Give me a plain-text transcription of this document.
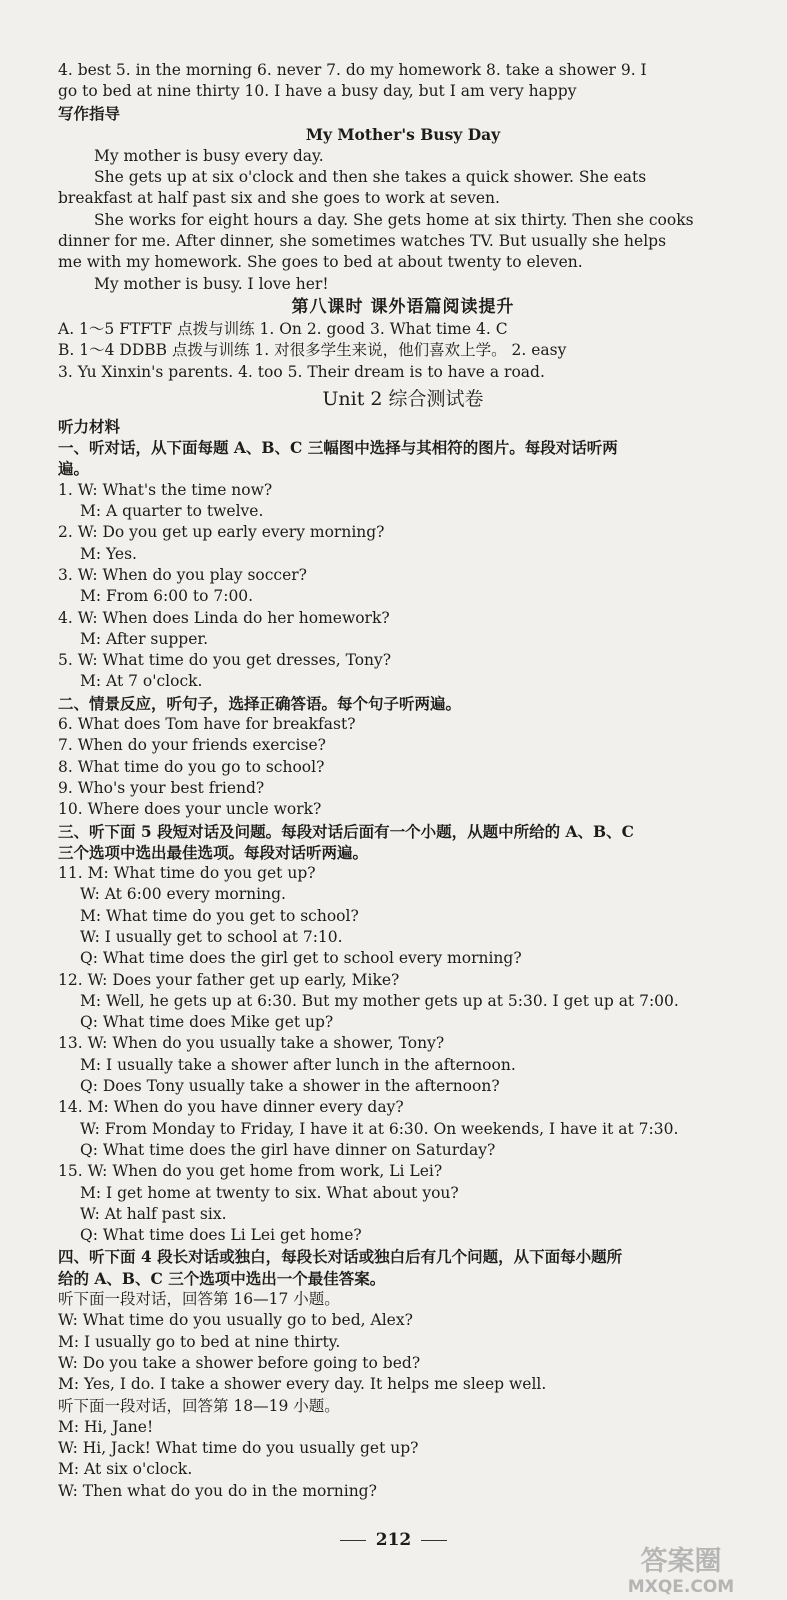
4. best 5. in the morning 6. never 7. do my homework 8. take a shower 9. I
go to bed at nine thirty 10. I have a busy day, but I am very happy
写作指导
My Mother's Busy Day
My mother is busy every day.
She gets up at six o'clock and then she takes a quick shower. She eats
breakfast at half past six and she goes to work at seven.
She works for eight hours a day. She gets home at six thirty. Then she cooks
dinner for me. After dinner, she sometimes watches TV. But usually she helps
me with my homework. She goes to bed at about twenty to eleven.
My mother is busy. I love her!
第八课时 课外语篇阅读提升
A. 1～5 FTFTF 点拨与训练 1. On 2. good 3. What time 4. C
B. 1～4 DDBB 点拨与训练 1. 对很多学生来说，他们喜欢上学。 2. easy
3. Yu Xinxin's parents. 4. too 5. Their dream is to have a road.
Unit 2 综合测试卷
听力材料
一、听对话，从下面每题 A、B、C 三幅图中选择与其相符的图片。每段对话听两
遍。
1. W: What's the time now?
M: A quarter to twelve.
2. W: Do you get up early every morning?
M: Yes.
3. W: When do you play soccer?
M: From 6:00 to 7:00.
4. W: When does Linda do her homework?
M: After supper.
5. W: What time do you get dresses, Tony?
M: At 7 o'clock.
二、情景反应，听句子，选择正确答语。每个句子听两遍。
6. What does Tom have for breakfast?
7. When do your friends exercise?
8. What time do you go to school?
9. Who's your best friend?
10. Where does your uncle work?
三、听下面 5 段短对话及问题。每段对话后面有一个小题，从题中所给的 A、B、C
三个选项中选出最佳选项。每段对话听两遍。
11. M: What time do you get up?
W: At 6:00 every morning.
M: What time do you get to school?
W: I usually get to school at 7:10.
Q: What time does the girl get to school every morning?
12. W: Does your father get up early, Mike?
M: Well, he gets up at 6:30. But my mother gets up at 5:30. I get up at 7:00.
Q: What time does Mike get up?
13. W: When do you usually take a shower, Tony?
M: I usually take a shower after lunch in the afternoon.
Q: Does Tony usually take a shower in the afternoon?
14. M: When do you have dinner every day?
W: From Monday to Friday, I have it at 6:30. On weekends, I have it at 7:30.
Q: What time does the girl have dinner on Saturday?
15. W: When do you get home from work, Li Lei?
M: I get home at twenty to six. What about you?
W: At half past six.
Q: What time does Li Lei get home?
四、听下面 4 段长对话或独白，每段长对话或独白后有几个问题，从下面每小题所
给的 A、B、C 三个选项中选出一个最佳答案。
听下面一段对话，回答第 16—17 小题。
W: What time do you usually go to bed, Alex?
M: I usually go to bed at nine thirty.
W: Do you take a shower before going to bed?
M: Yes, I do. I take a shower every day. It helps me sleep well.
听下面一段对话，回答第 18—19 小题。
M: Hi, Jane!
W: Hi, Jack! What time do you usually get up?
M: At six o'clock.
W: Then what do you do in the morning?
212
答案圈
MXQE.COM
